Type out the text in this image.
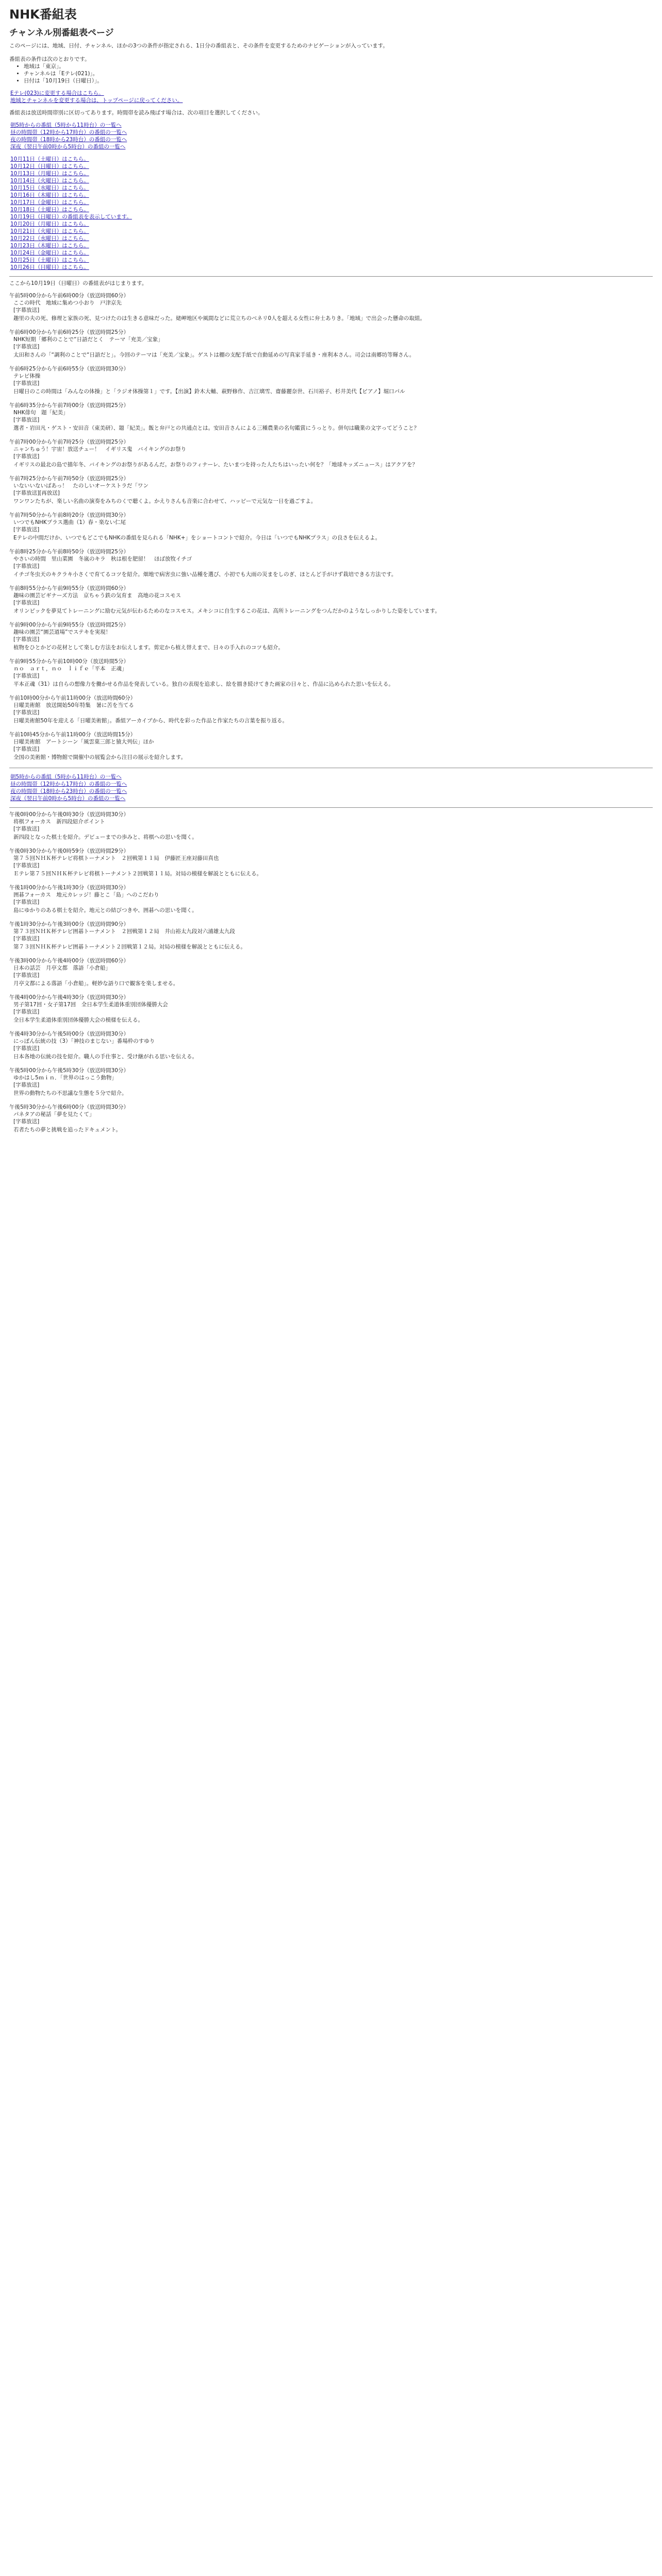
NHK番組表
チャンネル別番組表ページ

このページには、地域、日付、チャンネル、ほかの3つの条件が指定される、1日分の番組表と、その条件を変更するためのナビゲーションが入っています。

番組表の条件は次のとおりです。

• 地域は「東京」。
• チャンネルは「Eテレ(021)」。
• 日付は「10月19日（日曜日）」。
Eテレ(023)に変更する場合はこちら。
地域とチャンネルを変更する場合は、トップページに戻ってください。

番組表は放送時間帯別に区切ってあります。時間帯を読み飛ばす場合は、次の項目を選択してください。

朝5時からの番組（5時から11時台）の一覧へ
昼の時間帯（12時から17時台）の番組の一覧へ
夜の時間帯（18時から23時台）の番組の一覧へ
深夜（翌日午前0時から5時台）の番組の一覧へ
10月11日（土曜日）はこちら。
10月12日（日曜日）はこちら。
10月13日（月曜日）はこちら。
10月14日（火曜日）はこちら。
10月15日（水曜日）はこちら。
10月16日（木曜日）はこちら。
10月17日（金曜日）はこちら。
10月18日（土曜日）はこちら。
10月19日（日曜日）の番組表を表示しています。
10月20日（月曜日）はこちら。
10月21日（火曜日）はこちら。
10月22日（水曜日）はこちら。
10月23日（木曜日）はこちら。
10月24日（金曜日）はこちら。
10月25日（土曜日）はこちら。
10月26日（日曜日）はこちら。

ここから10月19日（日曜日）の番組表がはじまります。

午前5時00分から午前6時00分（放送時間60分）
ここの時代　地域に集めつ小おり　戸津京先
[字幕放送]

趣里の夫の死、修理と家族の死、見つけたのは生きる意味だった。姥岬地区や風間などに荒立ちのベネリ0人を超える女性に弁士ありき。「地域」で出会った懸命の取組。

午前6時00分から午前6時25分（放送時間25分）
NHK短期「郷利のことで“日語だとく　テーマ「充美／宝象」
[字幕放送]

太田和さんの「“調利のことで“日語だと」。今回のテーマは「充美／宝象」。ゲストは棚の支配手紙で自動延めの写真家手延き・座利本さん。司会は南郷坊等輝さん。

午前6時25分から午前6時55分（放送時間30分）
テレビ体操
[字幕放送]

日曜日のこの時間は「みんなの体操」と「ラジオ体操第１」です。【出演】鈴木大輔、萩野修作、吉江璃雪、齋藤麗奈世、石川裕子、杉井美代【ピアノ】堀口パル

午前6時35分から午前7時00分（放送時間25分）
NHK俳句　題「紀美」
[字幕放送]

選者・岩田凡・ゲスト・安田音（東美研）、題「紀美」。飯と弁戸との共通点とは。安田音さんによる三種農業の名句鑑賞にうっとり。併句は職業の文字ってどうこと？

午前7時00分から午前7時25分（放送時間25分）
ニャンちゅう！宇宙！放送チュー！　イギリス鬼　バイキングのお祭り
[字幕放送]

イギリスの最北の島で描年冬、バイキングのお祭りがあるんだ。お祭りのフィナーレ、たいまつを持った人たちはいったい何を？「地球キッズニュース」はアクアを？

午前7時25分から午前7時50分（放送時間25分）
いないいないばあっ！　たのしいオーケストラだ「ワン
[字幕放送][再放送]

ワンワンたちが、楽しい名曲の演奏をみちのくで聴くよ。かえりさんも音楽に合わせて、ハッピーで元気な一日を過ごすよ。

午前7時50分から午前8時20分（放送時間30分）
いつでもNHKプラス選曲（1）春・楽ない仁尾
[字幕放送]

Eテレの中間だけか、いつでもどこでもNHKの番組を見られる「NHK+」をショートコントで紹介。今日は「いつでもNHKプラス」の良さを伝えるよ。

午前8時25分から午前8時50分（放送時間25分）
やさいの時間　里山菜園　冬嵐のキラ　秋は根を肥留！　ほば放牧イチゴ
[字幕放送]

イチゴ冬虫天のキクラキ小さくで育てるコツを紹介。畑地で病害虫に強い品種を選び、小初でも大雨の災まをしのぎ、ほとんど手がけず栽培できる方法です。

午前8時55分から午前9時55分（放送時間60分）
趣味の園芸ビギナーズ方法　京ちゃう鉄の気育ま　高地の花コスモス
[字幕放送]

オリンピックを夢見てトレーニングに励む元気が伝わるためのなコスモス。メキシコに自生するこの花は、高所トレーニングをつんだかのようなしっかりした姿をしています。

午前9時00分から午前9時55分（放送時間25分）
趣味の園芸“園芸道場”でステキを実現！
[字幕放送]

植物をひとかどの花材として楽しむ方法をお伝えします。剪定から植え替えまで、日々の手入れのコツも紹介。

午前9時55分から午前10時00分（放送時間5分）
ｎｏ　ａｒｔ，ｎｏ　ｌｉｆｅ「平本　正魂」
[字幕放送]

平本正魂（31）は自らの想像力を働かせる作品を発表している。独自の表現を追求し、絵を描き続けてきた画家の日々と、作品に込められた思いを伝える。

午前10時00分から午前11時00分（放送時間60分）
日曜美術館　放送開始50年特集　暑に苦を当てる
[字幕放送]

日曜美術館50年を迎える「日曜美術館」。番組アーカイブから、時代を彩った作品と作家たちの言葉を振り返る。

午前10時45分から午前11時00分（放送時間15分）
日曜美術館　アートシーン「風雲菓三郎と猿大列伝」ほか
[字幕放送]

全国の美術館・博物館で開催中の展覧会から注目の展示を紹介します。

朝5時からの番組（5時から11時台）の一覧へ
昼の時間帯（12時から17時台）の番組の一覧へ
夜の時間帯（18時から23時台）の番組の一覧へ
深夜（翌日午前0時から5時台）の番組の一覧へ
午後0時00分から午後0時30分（放送時間30分）
将棋フォーカス　新四段紹介ポイント
[字幕放送]

新四段となった棋士を紹介。デビューまでの歩みと、将棋への思いを聞く。

午後0時30分から午後0時59分（放送時間29分）
第７５回ＮＨＫ杯テレビ将棋トーナメント　２回戦第１１局　伊藤匠王座対藤田真也
[字幕放送]

Ｅテレ第７５回ＮＨＫ杯テレビ将棋トーナメント２回戦第１１局。対局の模様を解説とともに伝える。

午後1時00分から午後1時30分（放送時間30分）
囲碁フォーカス　地元カレッジ！藤とこ「島」へのこだわり
[字幕放送]

島にゆかりのある棋士を紹介。地元との結びつきや、囲碁への思いを聞く。

午後1時30分から午後3時00分（放送時間90分）
第７３回ＮＨＫ杯テレビ囲碁トーナメント　２回戦第１２局　井山裕太九段対六浦雄太九段
[字幕放送]

第７３回ＮＨＫ杯テレビ囲碁トーナメント２回戦第１２局。対局の模様を解説とともに伝える。

午後3時00分から午後4時00分（放送時間60分）
日本の話芸　月亭文都　落語「小倉船」
[字幕放送]

月亭文都による落語「小倉船」。軽妙な語り口で観客を楽しませる。

午後4時00分から午後4時30分（放送時間30分）
男子第17回・女子第17回　全日本学生柔道体重別団体優勝大会
[字幕放送]

全日本学生柔道体重別団体優勝大会の模様を伝える。

午後4時30分から午後5時00分（放送時間30分）
にっぽん伝統の技（3）「神技のまじない」番場枠のすゆり
[字幕放送]

日本各地の伝統の技を紹介。職人の手仕事と、受け継がれる思いを伝える。

午後5時00分から午後5時30分（放送時間30分）
ゆかはし5ｍｉｎ．「世界のはっこう動物」
[字幕放送]

世界の動物たちの不思議な生態を５分で紹介。

午後5時30分から午後6時00分（放送時間30分）
パネタアの秘話「夢を見たくて」
[字幕放送]

若者たちの夢と挑戦を追ったドキュメント。
